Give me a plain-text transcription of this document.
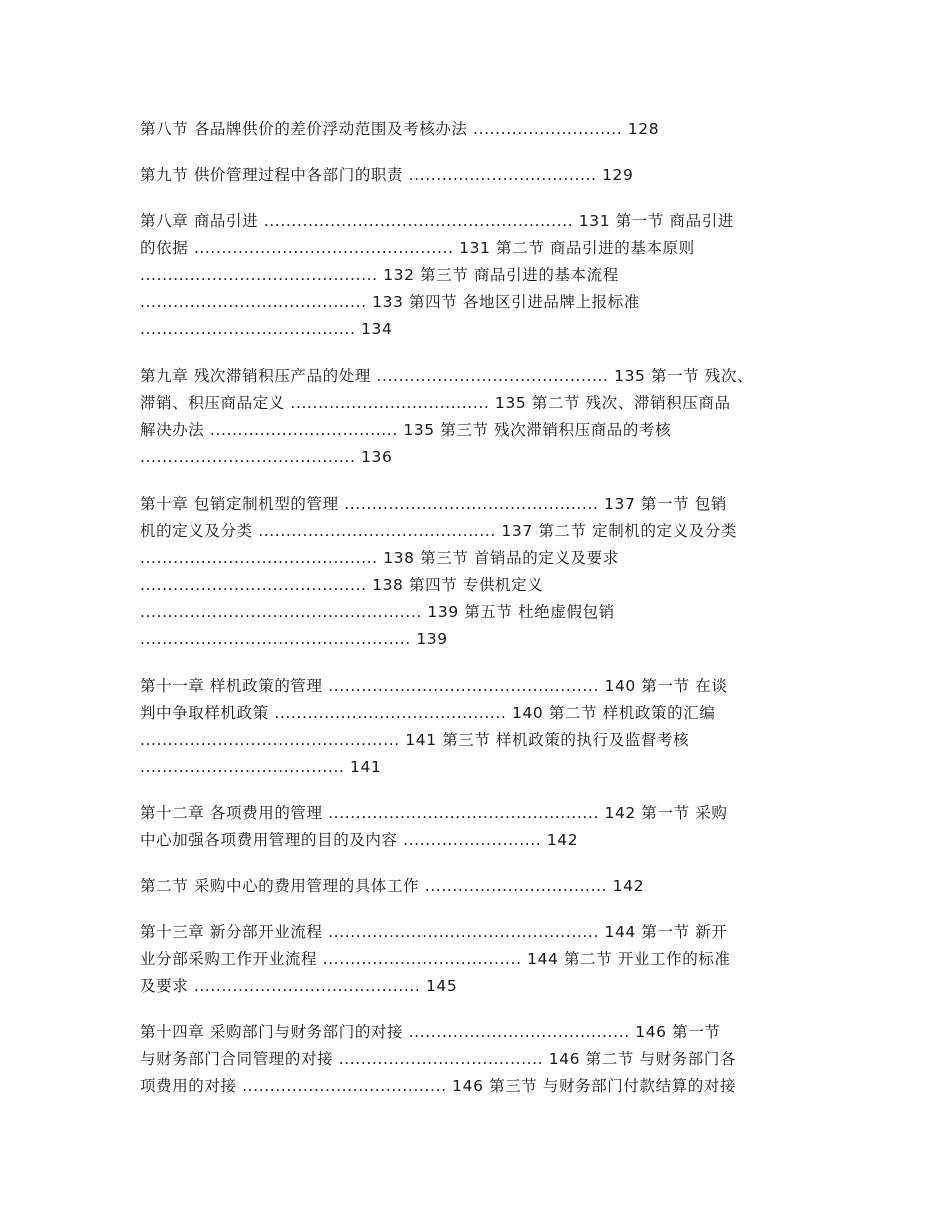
第八节 各品牌供价的差价浮动范围及考核办法 ........................... 128
第九节 供价管理过程中各部门的职责 .................................. 129
第八章 商品引进 ........................................................ 131 第一节 商品引进
的依据 ............................................... 131 第二节 商品引进的基本原则
........................................... 132 第三节 商品引进的基本流程
......................................... 133 第四节 各地区引进品牌上报标准
....................................... 134
第九章 残次滞销积压产品的处理 .......................................... 135 第一节 残次、
滞销、积压商品定义 .................................... 135 第二节 残次、滞销积压商品
解决办法 .................................. 135 第三节 残次滞销积压商品的考核
....................................... 136
第十章 包销定制机型的管理 .............................................. 137 第一节 包销
机的定义及分类 ........................................... 137 第二节 定制机的定义及分类
........................................... 138 第三节 首销品的定义及要求
......................................... 138 第四节 专供机定义
................................................... 139 第五节 杜绝虚假包销
................................................. 139
第十一章 样机政策的管理 ................................................. 140 第一节 在谈
判中争取样机政策 .......................................... 140 第二节 样机政策的汇编
............................................... 141 第三节 样机政策的执行及监督考核
..................................... 141
第十二章 各项费用的管理 ................................................. 142 第一节 采购
中心加强各项费用管理的目的及内容 ......................... 142
第二节 采购中心的费用管理的具体工作 ................................. 142
第十三章 新分部开业流程 ................................................. 144 第一节 新开
业分部采购工作开业流程 .................................... 144 第二节 开业工作的标准
及要求 ......................................... 145
第十四章 采购部门与财务部门的对接 ........................................ 146 第一节
与财务部门合同管理的对接 ..................................... 146 第二节 与财务部门各
项费用的对接 ..................................... 146 第三节 与财务部门付款结算的对接
